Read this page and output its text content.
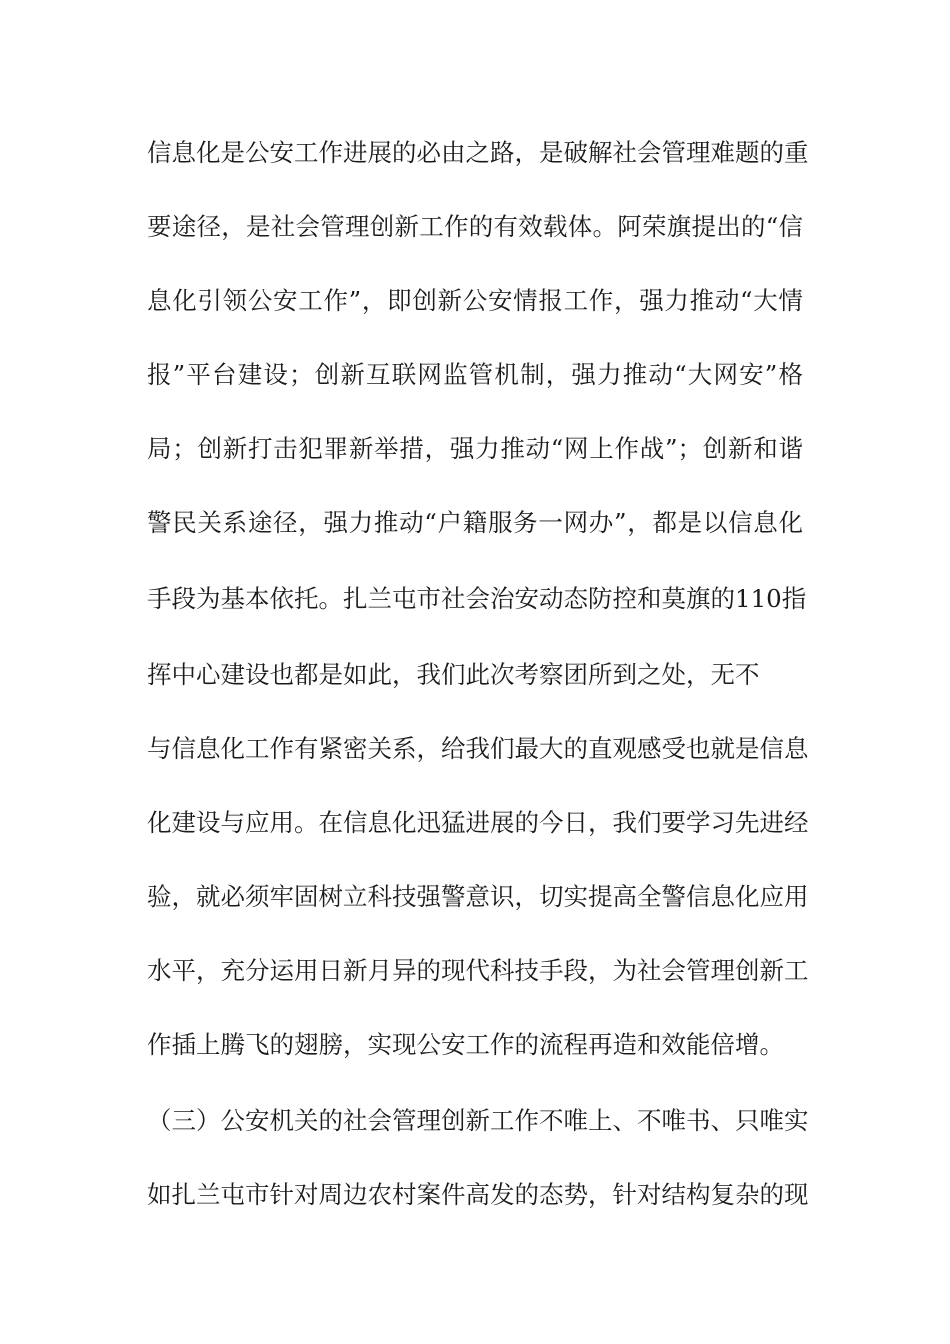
信息化是公安工作进展的必由之路，是破解社会管理难题的重
要途径，是社会管理创新工作的有效载体。阿荣旗提出的“信
息化引领公安工作”，即创新公安情报工作，强力推动“大情
报”平台建设；创新互联网监管机制，强力推动“大网安”格
局；创新打击犯罪新举措，强力推动“网上作战”；创新和谐
警民关系途径，强力推动“户籍服务一网办”，都是以信息化
手段为基本依托。扎兰屯市社会治安动态防控和莫旗的110指
挥中心建设也都是如此，我们此次考察团所到之处，无不
与信息化工作有紧密关系，给我们最大的直观感受也就是信息
化建设与应用。在信息化迅猛进展的今日，我们要学习先进经
验，就必须牢固树立科技强警意识，切实提高全警信息化应用
水平，充分运用日新月异的现代科技手段，为社会管理创新工
作插上腾飞的翅膀，实现公安工作的流程再造和效能倍增。
（三）公安机关的社会管理创新工作不唯上、不唯书、只唯实
如扎兰屯市针对周边农村案件高发的态势，针对结构复杂的现
